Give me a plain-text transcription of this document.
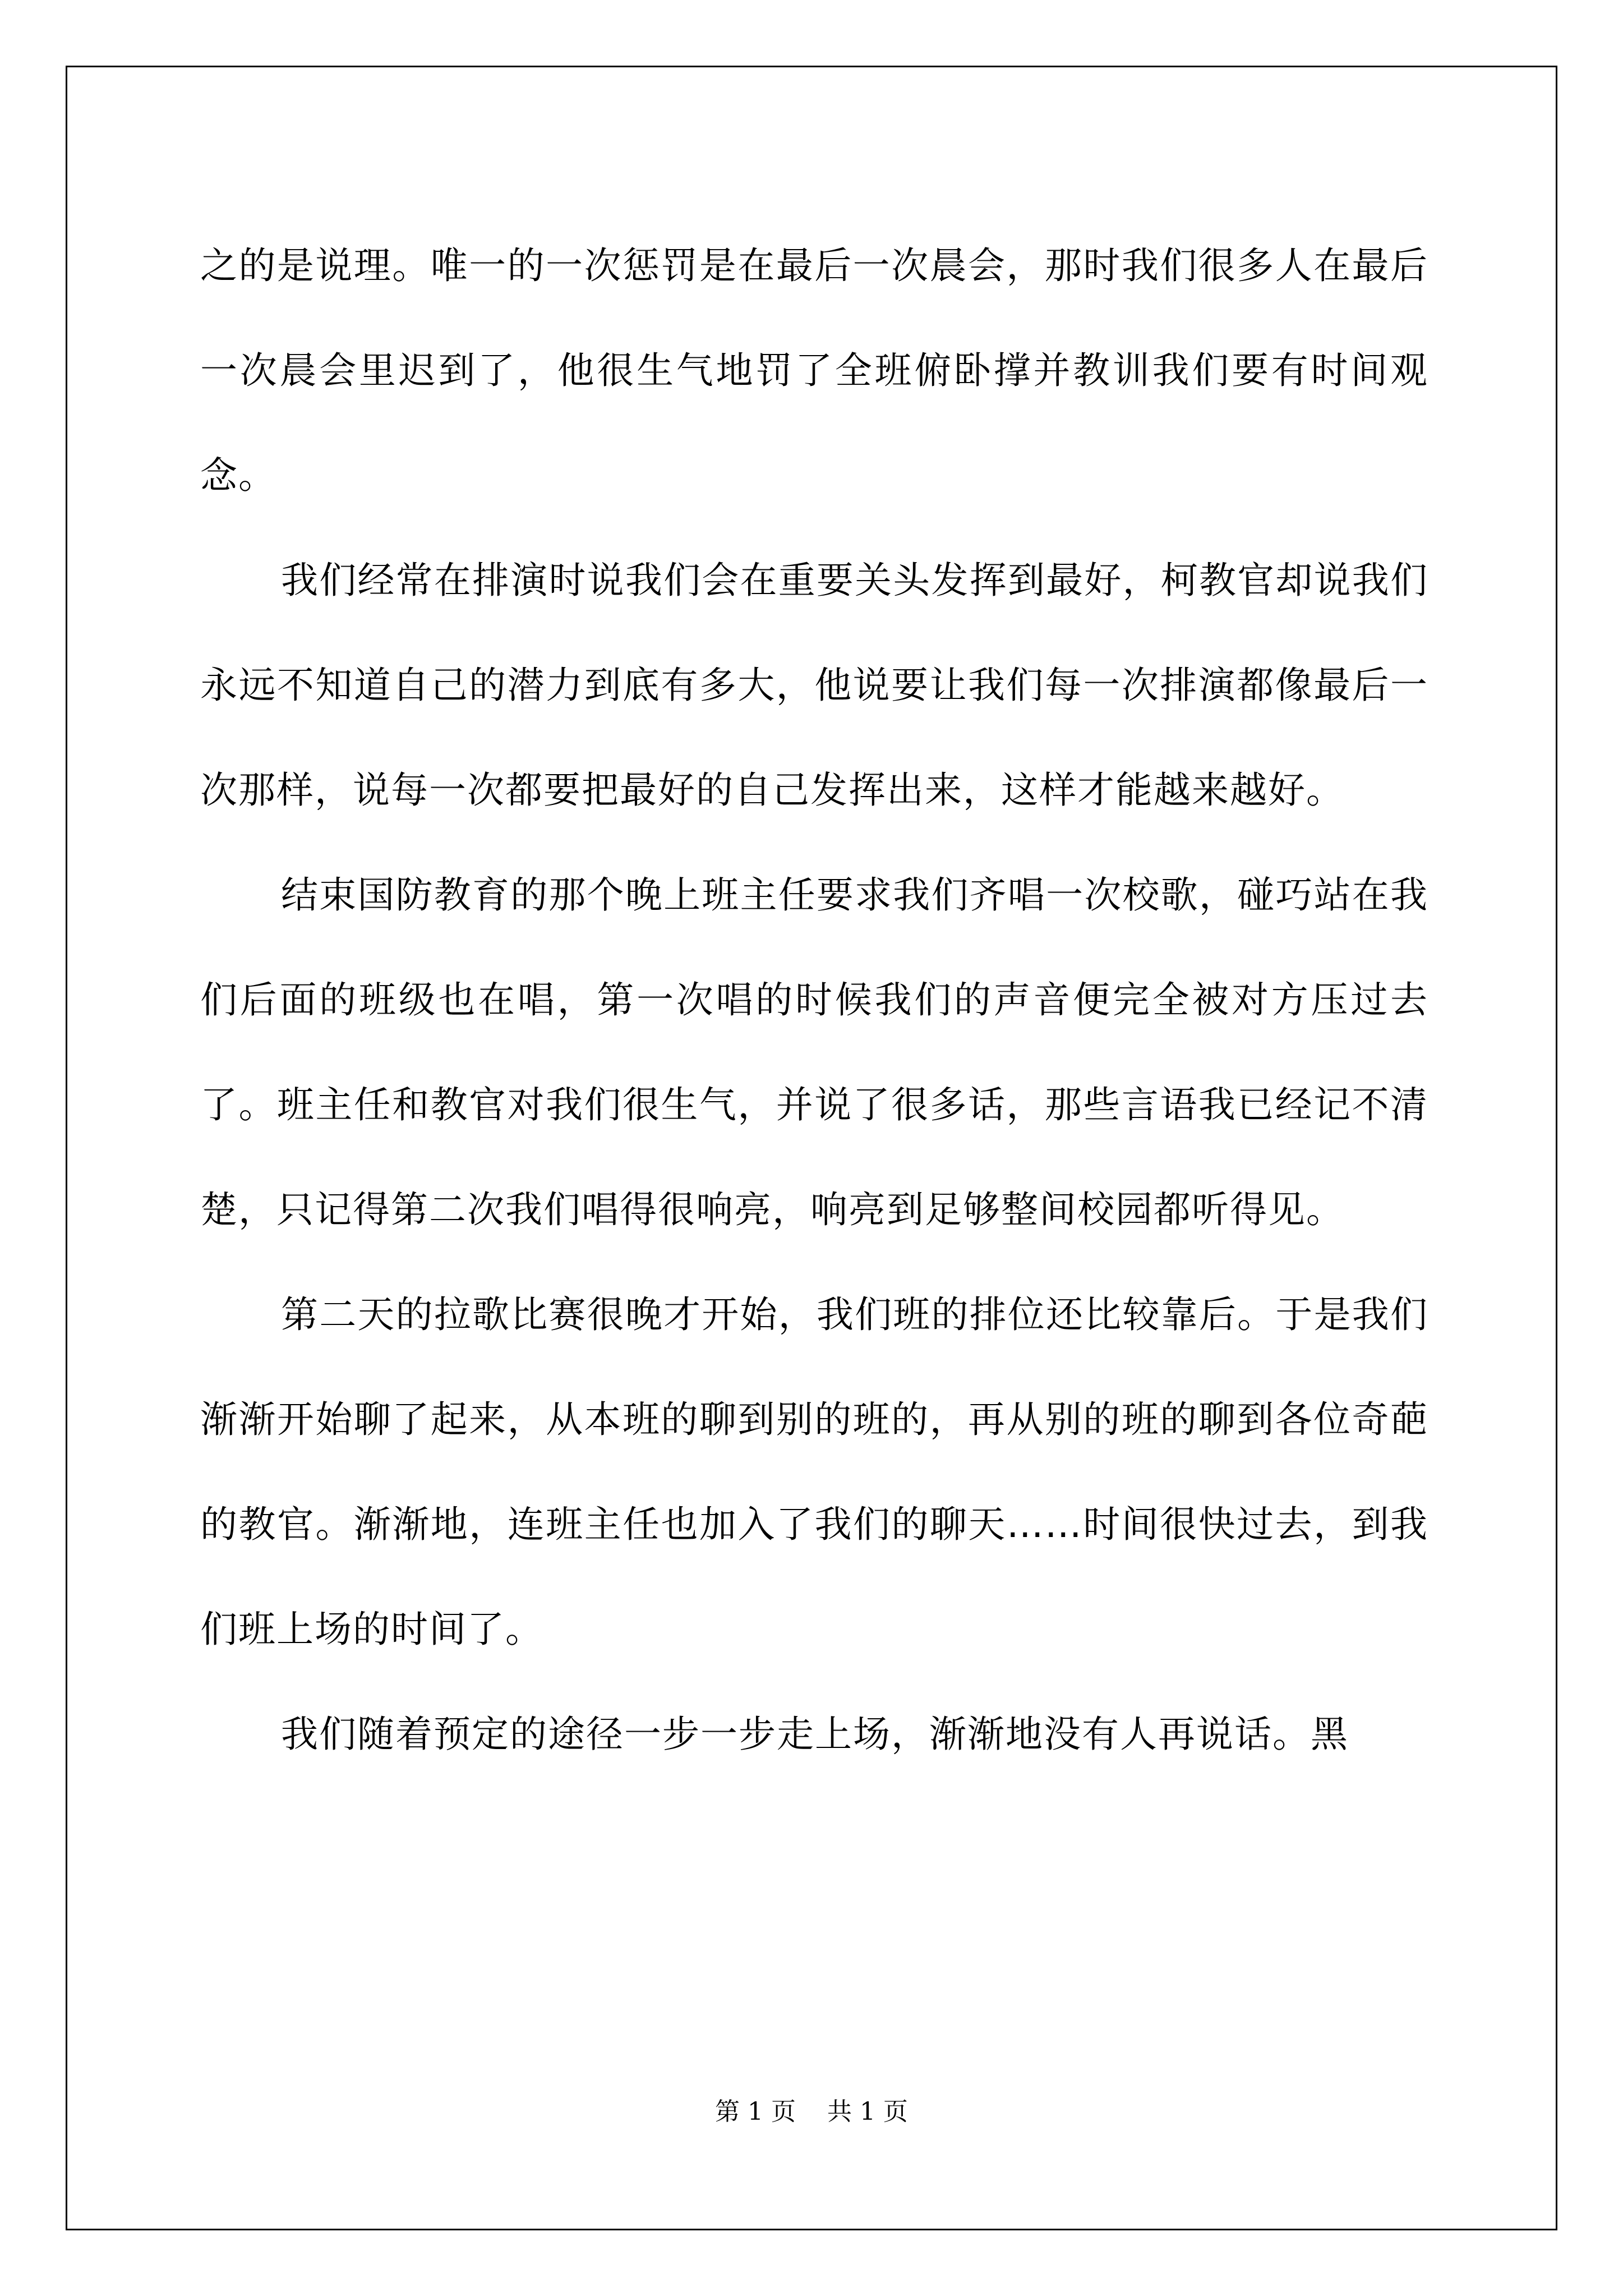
之的是说理。唯一的一次惩罚是在最后一次晨会，那时我们很多人在最后一次晨会里迟到了，他很生气地罚了全班俯卧撑并教训我们要有时间观念。

我们经常在排演时说我们会在重要关头发挥到最好，柯教官却说我们永远不知道自己的潜力到底有多大，他说要让我们每一次排演都像最后一次那样，说每一次都要把最好的自己发挥出来，这样才能越来越好。

结束国防教育的那个晚上班主任要求我们齐唱一次校歌，碰巧站在我们后面的班级也在唱，第一次唱的时候我们的声音便完全被对方压过去了。班主任和教官对我们很生气，并说了很多话，那些言语我已经记不清楚，只记得第二次我们唱得很响亮，响亮到足够整间校园都听得见。

第二天的拉歌比赛很晚才开始，我们班的排位还比较靠后。于是我们渐渐开始聊了起来，从本班的聊到别的班的，再从别的班的聊到各位奇葩的教官。渐渐地，连班主任也加入了我们的聊天……时间很快过去，到我们班上场的时间了。

我们随着预定的途径一步一步走上场，渐渐地没有人再说话。黑

第 1 页 共 1 页
